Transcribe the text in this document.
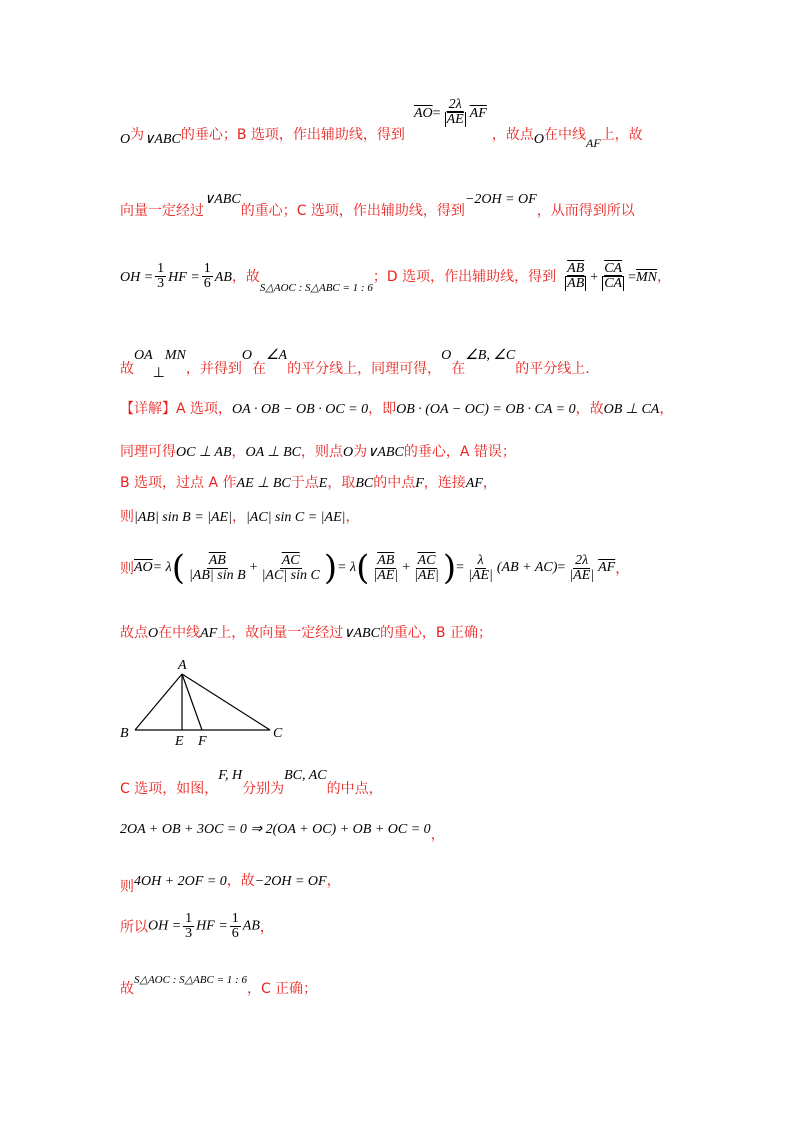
O为∨ABC的垂心；B 选项，作出辅助线，得到 $\overline{AO}= \frac{2\lambda}{AE} \overline{AF}$ ，故点O在中线$_{AF}$上，故
向量一定经过∨ABC的重心；C 选项，作出辅助线，得到−2OH = OF，从而得到所以
OH = $\frac{1}{3}$ HF = $\frac{1}{6}$ AB，故$_{S\triangle AOC : S\triangle ABC = 1 : 6}$；D 选项，作出辅助线，得到 $\frac{\overline{AB}}{AB} + \frac{\overline{CA}}{CA} =\overline{MN}$，
故OA⊥MN，并得到O在∠A的平分线上，同理可得，O在∠B, ∠C的平分线上.
【详解】A 选项，OA · OB − OB · OC = 0，即OB · (OA − OC) = OB · CA = 0，故OB ⊥ CA，
同理可得OC ⊥ AB，OA ⊥ BC，则点O为∨ABC的垂心，A 错误；
B 选项，过点 A 作AE ⊥ BC于点E，取BC的中点F，连接AF，
则|AB| sin B = |AE|，|AC| sin C = |AE|，
则$\overline{AO}= \lambda( \frac{\overline{AB}}{\text{|AB| sin B}} + \frac{\overline{AC}}{\text{|AC| sin C}}$ )= $\lambda( \frac{\overline{AB}}{|AE|} + \frac{\overline{AC}}{|AE|}$ )= $\frac{\lambda}{|AE|} (AB + AC)= \frac{2\lambda}{|AE|} \overline{AF}$，
故点O在中线AF上，故向量一定经过∨ABC的重心，B 正确；
A
B	C
E F
C 选项，如图，F, H分别为BC, AC的中点，
2OA + OB + 3OC = 0 ⇒ 2(OA + OC) + OB + OC = 0，
则4OH + 2OF = 0，故−2OH = OF，
所以OH = $\frac{1}{3}$ HF = $\frac{1}{6}$ AB，
故$_{S\triangle AOC : S\triangle ABC = 1 : 6}$，C 正确；
